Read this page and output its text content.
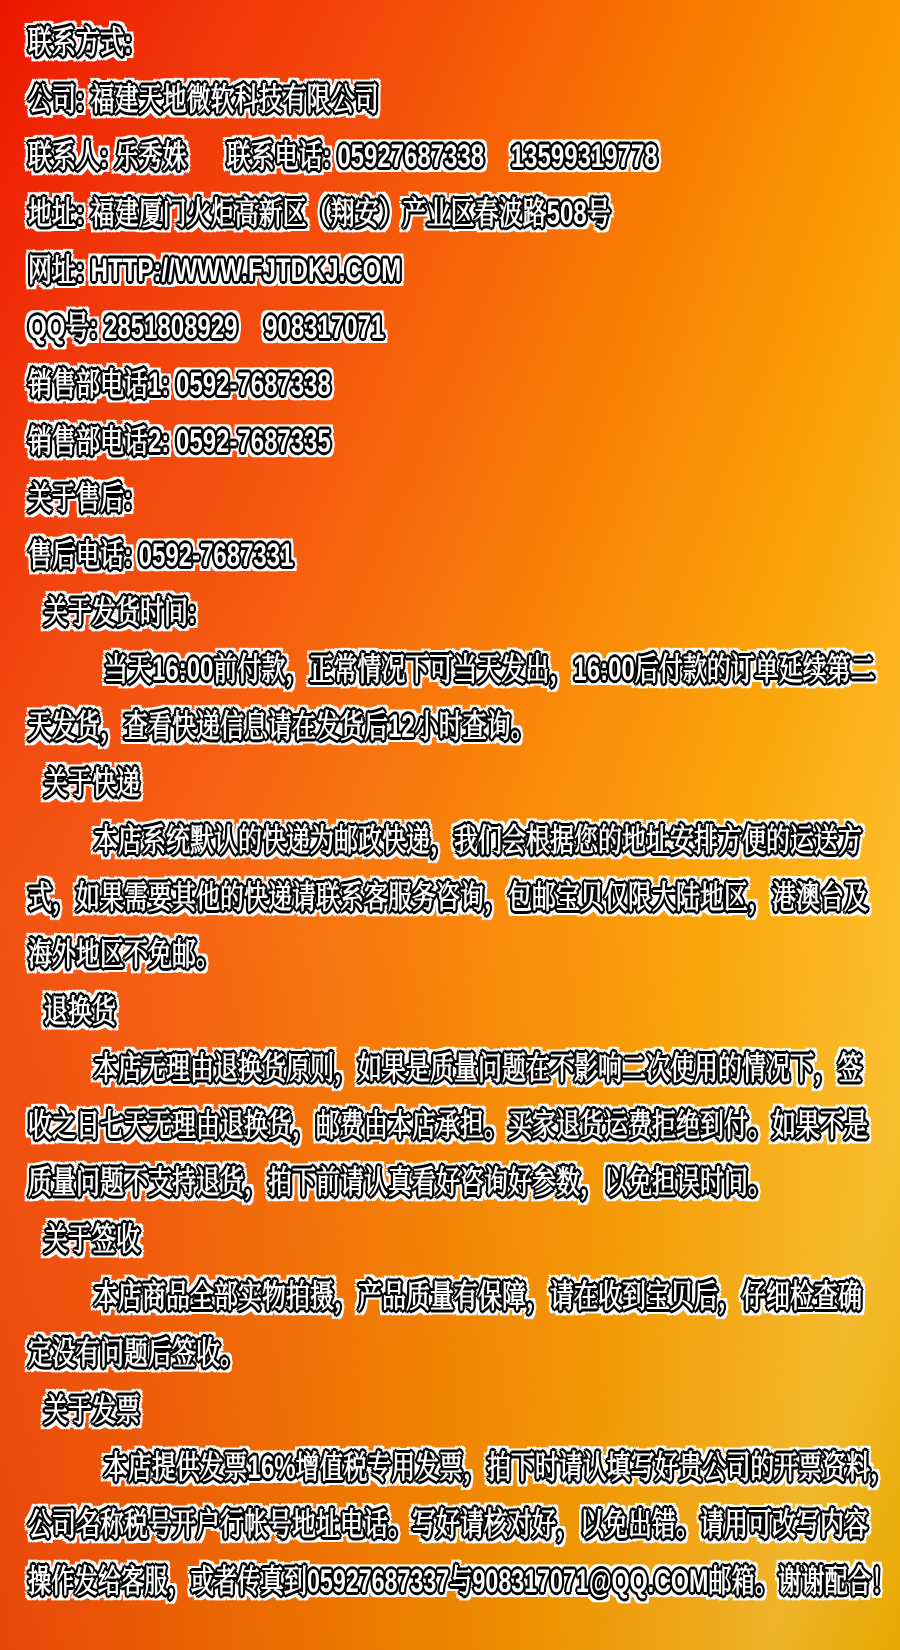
联系方式:
公司: 福建天地微软科技有限公司
联系人: 乐秀姝      联系电话: 05927687338    13599319778
地址: 福建厦门火炬高新区（翔安）产业区春波路508号
网址: HTTP://WWW.FJTDKJ.COM
QQ号: 2851808929    908317071
销售部电话1: 0592-7687338
销售部电话2: 0592-7687335
关于售后:
售后电话: 0592-7687331
关于发货时间:
当天16:00前付款，正常情况下可当天发出，16:00后付款的订单延续第二
天发货，查看快递信息请在发货后12小时查询。
关于快递
本店系统默认的快递为邮政快递，我们会根据您的地址安排方便的运送方
式，如果需要其他的快递请联系客服务咨询，包邮宝贝仅限大陆地区，港澳台及
海外地区不免邮。
退换货
本店无理由退换货原则，如果是质量问题在不影响二次使用的情况下，签
收之日七天无理由退换货，邮费由本店承担。买家退货运费拒绝到付。如果不是
质量问题不支持退货，拍下前请认真看好咨询好参数，以免担误时间。
关于签收
本店商品全部实物拍摄，产品质量有保障，请在收到宝贝后，仔细检查确
定没有问题后签收。
关于发票
本店提供发票16%增值税专用发票，拍下时请认填写好贵公司的开票资料，
公司名称税号开户行帐号地址电话。写好请核对好，以免出错。请用可改写内容
操作发给客服，或者传真到05927687337与908317071@QQ.COM邮箱。谢谢配合！
